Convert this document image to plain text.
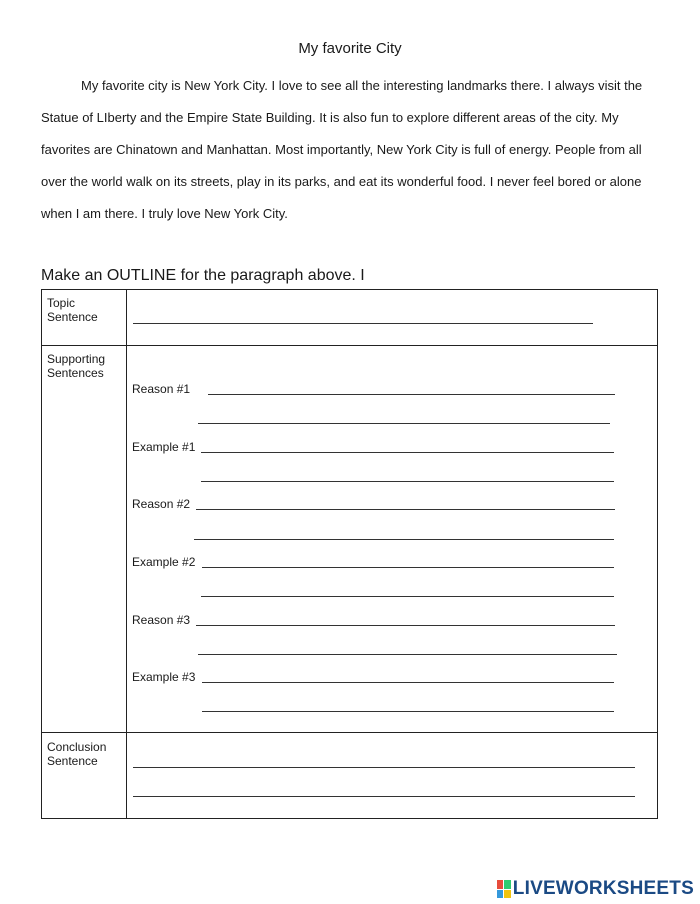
My favorite City

My favorite city is New York City. I love to see all the interesting landmarks there. I always visit the Statue of LIberty and the Empire State Building. It is also fun to explore different areas of the city. My favorites are Chinatown and Manhattan. Most importantly, New York City is full of energy. People from all over the world walk on its streets, play in its parks, and eat its wonderful food. I never feel bored or alone when I am there. I truly love New York City.

Make an OUTLINE for the paragraph above. I
Topic
Sentence
Supporting
Sentences
Reason #1
Example #1
Reason #2
Example #2
Reason #3
Example #3
Conclusion
Sentence
LIVEWORKSHEETS
